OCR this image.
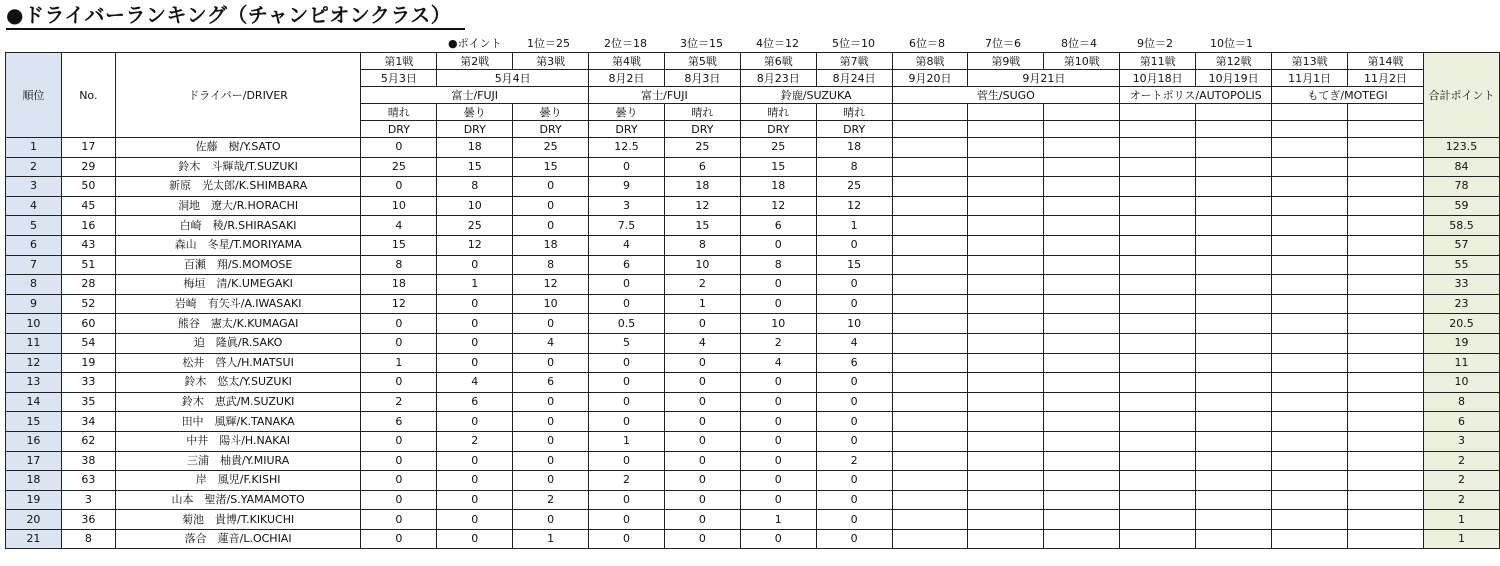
●ドライバーランキング（チャンピオンクラス）
●ポイント 1位＝25	2位＝18	3位＝15	4位＝12	5位＝10	6位＝8	7位＝6	8位＝4	9位＝2	10位＝1
順位	No.	ドライバー/DRIVER	第1戦	第2戦	第3戦	第4戦	第5戦	第6戦	第7戦	第8戦	第9戦	第10戦	第11戦	第12戦	第13戦	第14戦	合計ポイント
			5月3日	5月4日		8月2日	8月3日	8月23日	8月24日	9月20日	9月21日		10月18日	10月19日	11月1日	11月2日	
			富士/FUJI			富士/FUJI		鈴鹿/SUZUKA		菅生/SUGO			オートポリス/AUTOPOLIS		もてぎ/MOTEGI		
			晴れ	曇り	曇り	曇り	晴れ	晴れ	晴れ								
			DRY	DRY	DRY	DRY	DRY	DRY	DRY								
1	17	佐藤　樹/Y.SATO	0	18	25	12.5	25	25	18								123.5
2	29	鈴木　斗輝哉/T.SUZUKI	25	15	15	0	6	15	8								84
3	50	新原　光太郎/K.SHIMBARA	0	8	0	9	18	18	25								78
4	45	洞地　遼大/R.HORACHI	10	10	0	3	12	12	12								59
5	16	白崎　稜/R.SHIRASAKI	4	25	0	7.5	15	6	1								58.5
6	43	森山　冬星/T.MORIYAMA	15	12	18	4	8	0	0								57
7	51	百瀬　翔/S.MOMOSE	8	0	8	6	10	8	15								55
8	28	梅垣　清/K.UMEGAKI	18	1	12	0	2	0	0								33
9	52	岩崎　有矢斗/A.IWASAKI	12	0	10	0	1	0	0								23
10	60	熊谷　憲太/K.KUMAGAI	0	0	0	0.5	0	10	10								20.5
11	54	迫　隆眞/R.SAKO	0	0	4	5	4	2	4								19
12	19	松井　啓人/H.MATSUI	1	0	0	0	0	4	6								11
13	33	鈴木　悠太/Y.SUZUKI	0	4	6	0	0	0	0								10
14	35	鈴木　恵武/M.SUZUKI	2	6	0	0	0	0	0								8
15	34	田中　風輝/K.TANAKA	6	0	0	0	0	0	0								6
16	62	中井　陽斗/H.NAKAI	0	2	0	1	0	0	0								3
17	38	三浦　柚貴/Y.MIURA	0	0	0	0	0	0	2								2
18	63	岸　風児/F.KISHI	0	0	0	2	0	0	0								2
19	3	山本　聖渚/S.YAMAMOTO	0	0	2	0	0	0	0								2
20	36	菊池　貴博/T.KIKUCHI	0	0	0	0	0	1	0								1
21	8	落合　蓮音/L.OCHIAI	0	0	1	0	0	0	0								1
